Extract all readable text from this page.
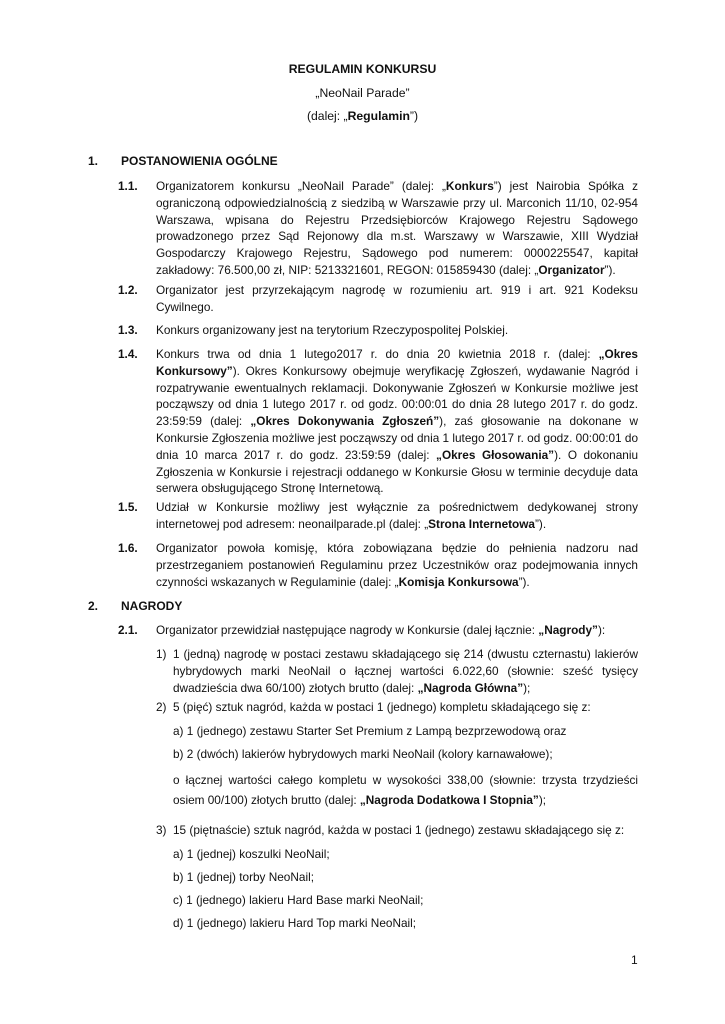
REGULAMIN KONKURSU
„NeoNail Parade”
(dalej: „Regulamin”)
1. POSTANOWIENIA OGÓLNE
1.1. Organizatorem konkursu „NeoNail Parade” (dalej: „Konkurs”) jest Nairobia Spółka z ograniczoną odpowiedzialnością z siedzibą w Warszawie przy ul. Marconich 11/10, 02-954 Warszawa, wpisana do Rejestru Przedsiębiorców Krajowego Rejestru Sądowego prowadzonego przez Sąd Rejonowy dla m.st. Warszawy w Warszawie, XIII Wydział Gospodarczy Krajowego Rejestru, Sądowego pod numerem: 0000225547, kapitał zakładowy: 76.500,00 zł, NIP: 5213321601, REGON: 015859430 (dalej: „Organizator”).
1.2. Organizator jest przyrzekającym nagrodę w rozumieniu art. 919 i art. 921 Kodeksu Cywilnego.
1.3. Konkurs organizowany jest na terytorium Rzeczypospolitej Polskiej.
1.4. Konkurs trwa od dnia 1 lutego2017 r. do dnia 20 kwietnia 2018 r. (dalej: „Okres Konkursowy”). Okres Konkursowy obejmuje weryfikację Zgłoszeń, wydawanie Nagród i rozpatrywanie ewentualnych reklamacji. Dokonywanie Zgłoszeń w Konkursie możliwe jest począwszy od dnia 1 lutego 2017 r. od godz. 00:00:01 do dnia 28 lutego 2017 r. do godz. 23:59:59 (dalej: „Okres Dokonywania Zgłoszeń”), zaś głosowanie na dokonane w Konkursie Zgłoszenia możliwe jest począwszy od dnia 1 lutego 2017 r. od godz. 00:00:01 do dnia 10 marca 2017 r. do godz. 23:59:59 (dalej: „Okres Głosowania”). O dokonaniu Zgłoszenia w Konkursie i rejestracji oddanego w Konkursie Głosu w terminie decyduje data serwera obsługującego Stronę Internetową.
1.5. Udział w Konkursie możliwy jest wyłącznie za pośrednictwem dedykowanej strony internetowej pod adresem: neonailparade.pl (dalej: „Strona Internetowa”).
1.6. Organizator powoła komisję, która zobowiązana będzie do pełnienia nadzoru nad przestrzeganiem postanowień Regulaminu przez Uczestników oraz podejmowania innych czynności wskazanych w Regulaminie (dalej: „Komisja Konkursowa”).
2. NAGRODY
2.1. Organizator przewidział następujące nagrody w Konkursie (dalej łącznie: „Nagrody”):
1) 1 (jedną) nagrodę w postaci zestawu składającego się 214 (dwustu czternastu) lakierów hybrydowych marki NeoNail o łącznej wartości 6.022,60 (słownie: sześć tysięcy dwadzieścia dwa 60/100) złotych brutto (dalej: „Nagroda Główna”);
2) 5 (pięć) sztuk nagród, każda w postaci 1 (jednego) kompletu składającego się z:
a) 1 (jednego) zestawu Starter Set Premium z Lampą bezprzewodową oraz
b) 2 (dwóch) lakierów hybrydowych marki NeoNail (kolory karnawałowe);
o łącznej wartości całego kompletu w wysokości 338,00 (słownie: trzysta trzydzieści osiem 00/100) złotych brutto (dalej: „Nagroda Dodatkowa I Stopnia”);
3) 15 (piętnaście) sztuk nagród, każda w postaci 1 (jednego) zestawu składającego się z:
a) 1 (jednej) koszulki NeoNail;
b) 1 (jednej) torby NeoNail;
c) 1 (jednego) lakieru Hard Base marki NeoNail;
d) 1 (jednego) lakieru Hard Top marki NeoNail;
1
